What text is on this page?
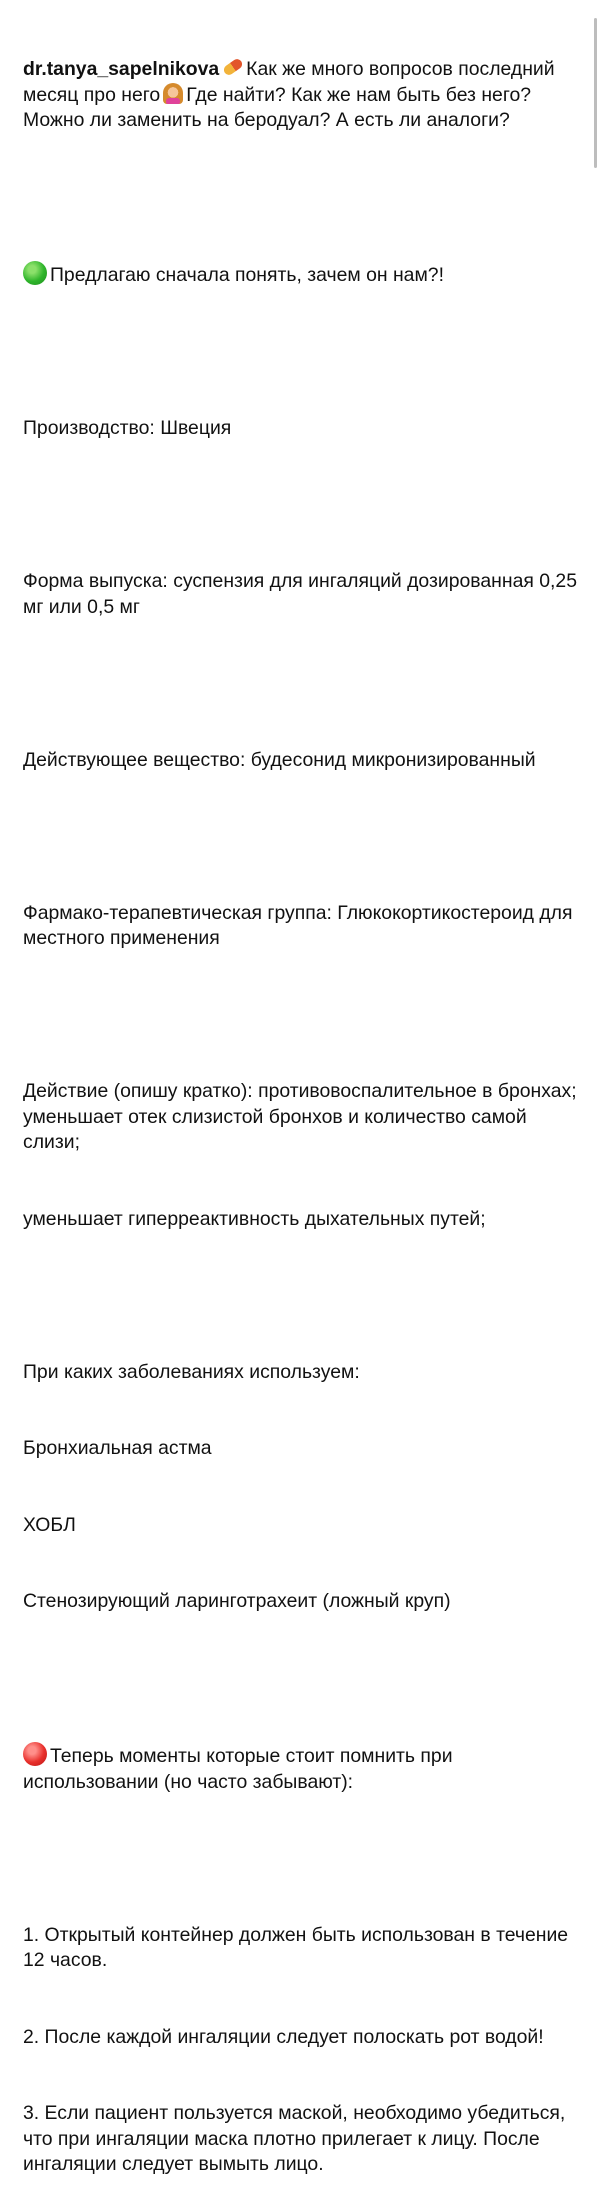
dr.tanya_sapelnikova Как же много вопросов последний месяц про него Где найти? Как же нам быть без него? Можно ли заменить на беродуал? А есть ли аналоги?

Предлагаю сначала понять, зачем он нам?!

Производство: Швеция

Форма выпуска: суспензия для ингаляций дозированная 0,25 мг или 0,5 мг

Действующее вещество: будесонид микронизированный

Фармако-терапевтическая группа: Глюкокортикостероид для местного применения

Действие (опишу кратко): противовоспалительное в бронхах; уменьшает отек слизистой бронхов и количество самой слизи;

уменьшает гиперреактивность дыхательных путей;

При каких заболеваниях используем:

Бронхиальная астма

ХОБЛ

Стенозирующий ларинготрахеит (ложный круп)

Теперь моменты которые стоит помнить при использовании (но часто забывают):

1. Открытый контейнер должен быть использован в течение 12 часов.

2. После каждой ингаляции следует полоскать рот водой!

3. Если пациент пользуется маской, необходимо убедиться, что при ингаляции маска плотно прилегает к лицу. После ингаляции следует вымыть лицо.
